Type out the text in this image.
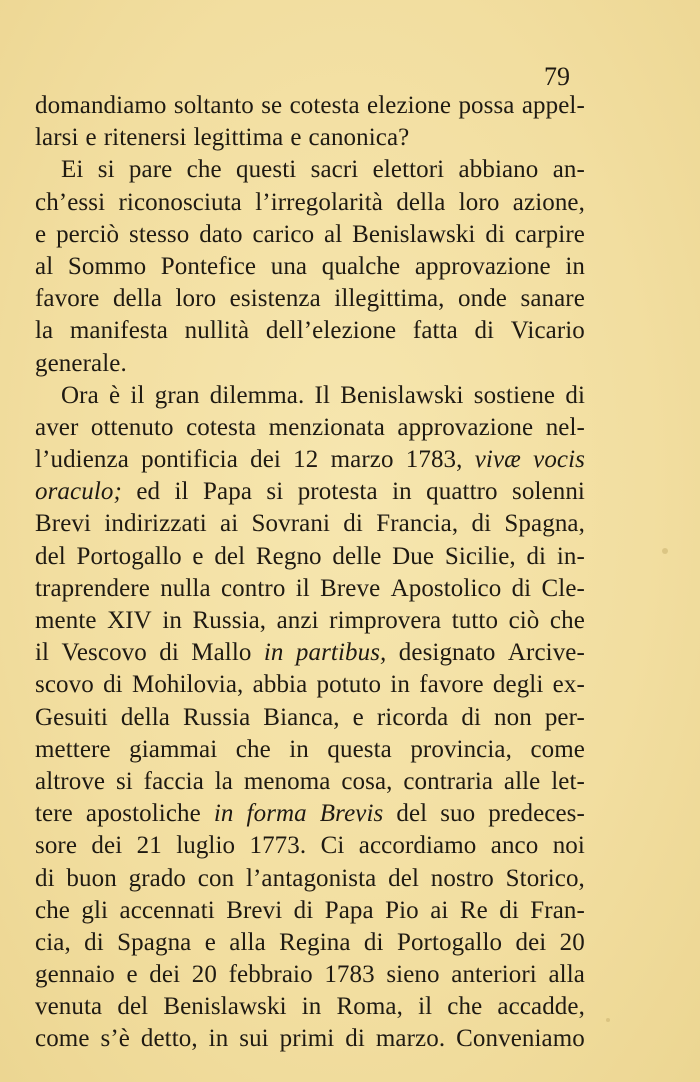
79
domandiamo soltanto se cotesta elezione possa appel-
larsi e ritenersi legittima e canonica?
Ei si pare che questi sacri elettori abbiano an-
ch’essi riconosciuta l’irregolarità della loro azione,
e perciò stesso dato carico al Benislawski di carpire
al Sommo Pontefice una qualche approvazione in
favore della loro esistenza illegittima, onde sanare
la manifesta nullità dell’elezione fatta di Vicario
generale.
Ora è il gran dilemma. Il Benislawski sostiene di
aver ottenuto cotesta menzionata approvazione nel-
l’udienza pontificia dei 12 marzo 1783, vivæ vocis
oraculo; ed il Papa si protesta in quattro solenni
Brevi indirizzati ai Sovrani di Francia, di Spagna,
del Portogallo e del Regno delle Due Sicilie, di in-
traprendere nulla contro il Breve Apostolico di Cle-
mente XIV in Russia, anzi rimprovera tutto ciò che
il Vescovo di Mallo in partibus, designato Arcive-
scovo di Mohilovia, abbia potuto in favore degli ex-
Gesuiti della Russia Bianca, e ricorda di non per-
mettere giammai che in questa provincia, come
altrove si faccia la menoma cosa, contraria alle let-
tere apostoliche in forma Brevis del suo predeces-
sore dei 21 luglio 1773. Ci accordiamo anco noi
di buon grado con l’antagonista del nostro Storico,
che gli accennati Brevi di Papa Pio ai Re di Fran-
cia, di Spagna e alla Regina di Portogallo dei 20
gennaio e dei 20 febbraio 1783 sieno anteriori alla
venuta del Benislawski in Roma, il che accadde,
come s’è detto, in sui primi di marzo. Conveniamo
